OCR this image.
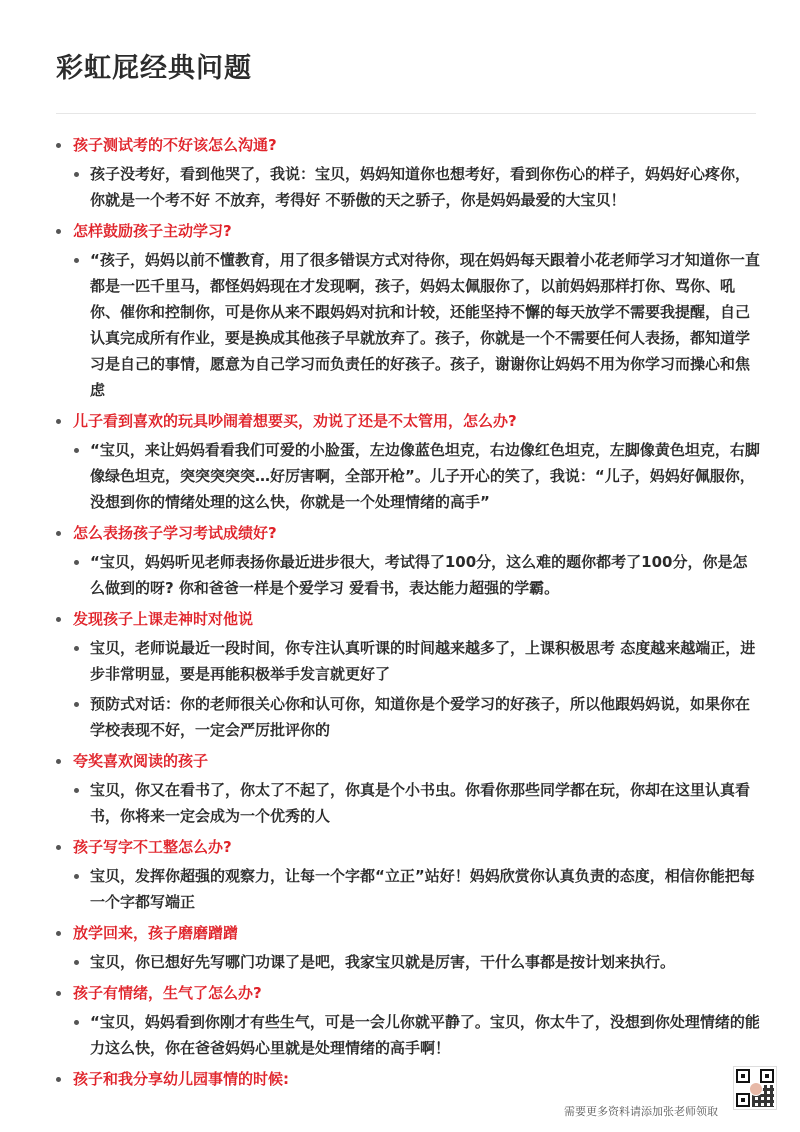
彩虹屁经典问题
孩子测试考的不好该怎么沟通?
孩子没考好，看到他哭了，我说：宝贝，妈妈知道你也想考好，看到你伤心的样子，妈妈好心疼你，你就是一个考不好 不放弃，考得好 不骄傲的天之骄子，你是妈妈最爱的大宝贝！
怎样鼓励孩子主动学习?
“孩子，妈妈以前不懂教育，用了很多错误方式对待你，现在妈妈每天跟着小花老师学习才知道你一直都是一匹千里马，都怪妈妈现在才发现啊，孩子，妈妈太佩服你了，以前妈妈那样打你、骂你、吼你、催你和控制你，可是你从来不跟妈妈对抗和计较，还能坚持不懈的每天放学不需要我提醒，自己认真完成所有作业，要是换成其他孩子早就放弃了。孩子，你就是一个不需要任何人表扬，都知道学习是自己的事情，愿意为自己学习而负责任的好孩子。孩子，谢谢你让妈妈不用为你学习而操心和焦虑
儿子看到喜欢的玩具吵闹着想要买，劝说了还是不太管用，怎么办?
“宝贝，来让妈妈看看我们可爱的小脸蛋，左边像蓝色坦克，右边像红色坦克，左脚像黄色坦克，右脚像绿色坦克，突突突突突…好厉害啊，全部开枪”。儿子开心的笑了，我说：“儿子，妈妈好佩服你，没想到你的情绪处理的这么快，你就是一个处理情绪的高手”
怎么表扬孩子学习考试成绩好?
“宝贝，妈妈听见老师表扬你最近进步很大，考试得了100分，这么难的题你都考了100分，你是怎么做到的呀? 你和爸爸一样是个爱学习 爱看书，表达能力超强的学霸。
发现孩子上课走神时对他说
宝贝，老师说最近一段时间，你专注认真听课的时间越来越多了，上课积极思考 态度越来越端正，进步非常明显，要是再能积极举手发言就更好了
预防式对话：你的老师很关心你和认可你，知道你是个爱学习的好孩子，所以他跟妈妈说，如果你在学校表现不好，一定会严厉批评你的
夸奖喜欢阅读的孩子
宝贝，你又在看书了，你太了不起了，你真是个小书虫。你看你那些同学都在玩，你却在这里认真看书，你将来一定会成为一个优秀的人
孩子写字不工整怎么办?
宝贝，发挥你超强的观察力，让每一个字都“立正”站好！妈妈欣赏你认真负责的态度，相信你能把每一个字都写端正
放学回来，孩子磨磨蹭蹭
宝贝，你已想好先写哪门功课了是吧，我家宝贝就是厉害，干什么事都是按计划来执行。
孩子有情绪，生气了怎么办?
“宝贝，妈妈看到你刚才有些生气，可是一会儿你就平静了。宝贝，你太牛了，没想到你处理情绪的能力这么快，你在爸爸妈妈心里就是处理情绪的高手啊！
孩子和我分享幼儿园事情的时候:
需要更多资料请添加张老师领取
